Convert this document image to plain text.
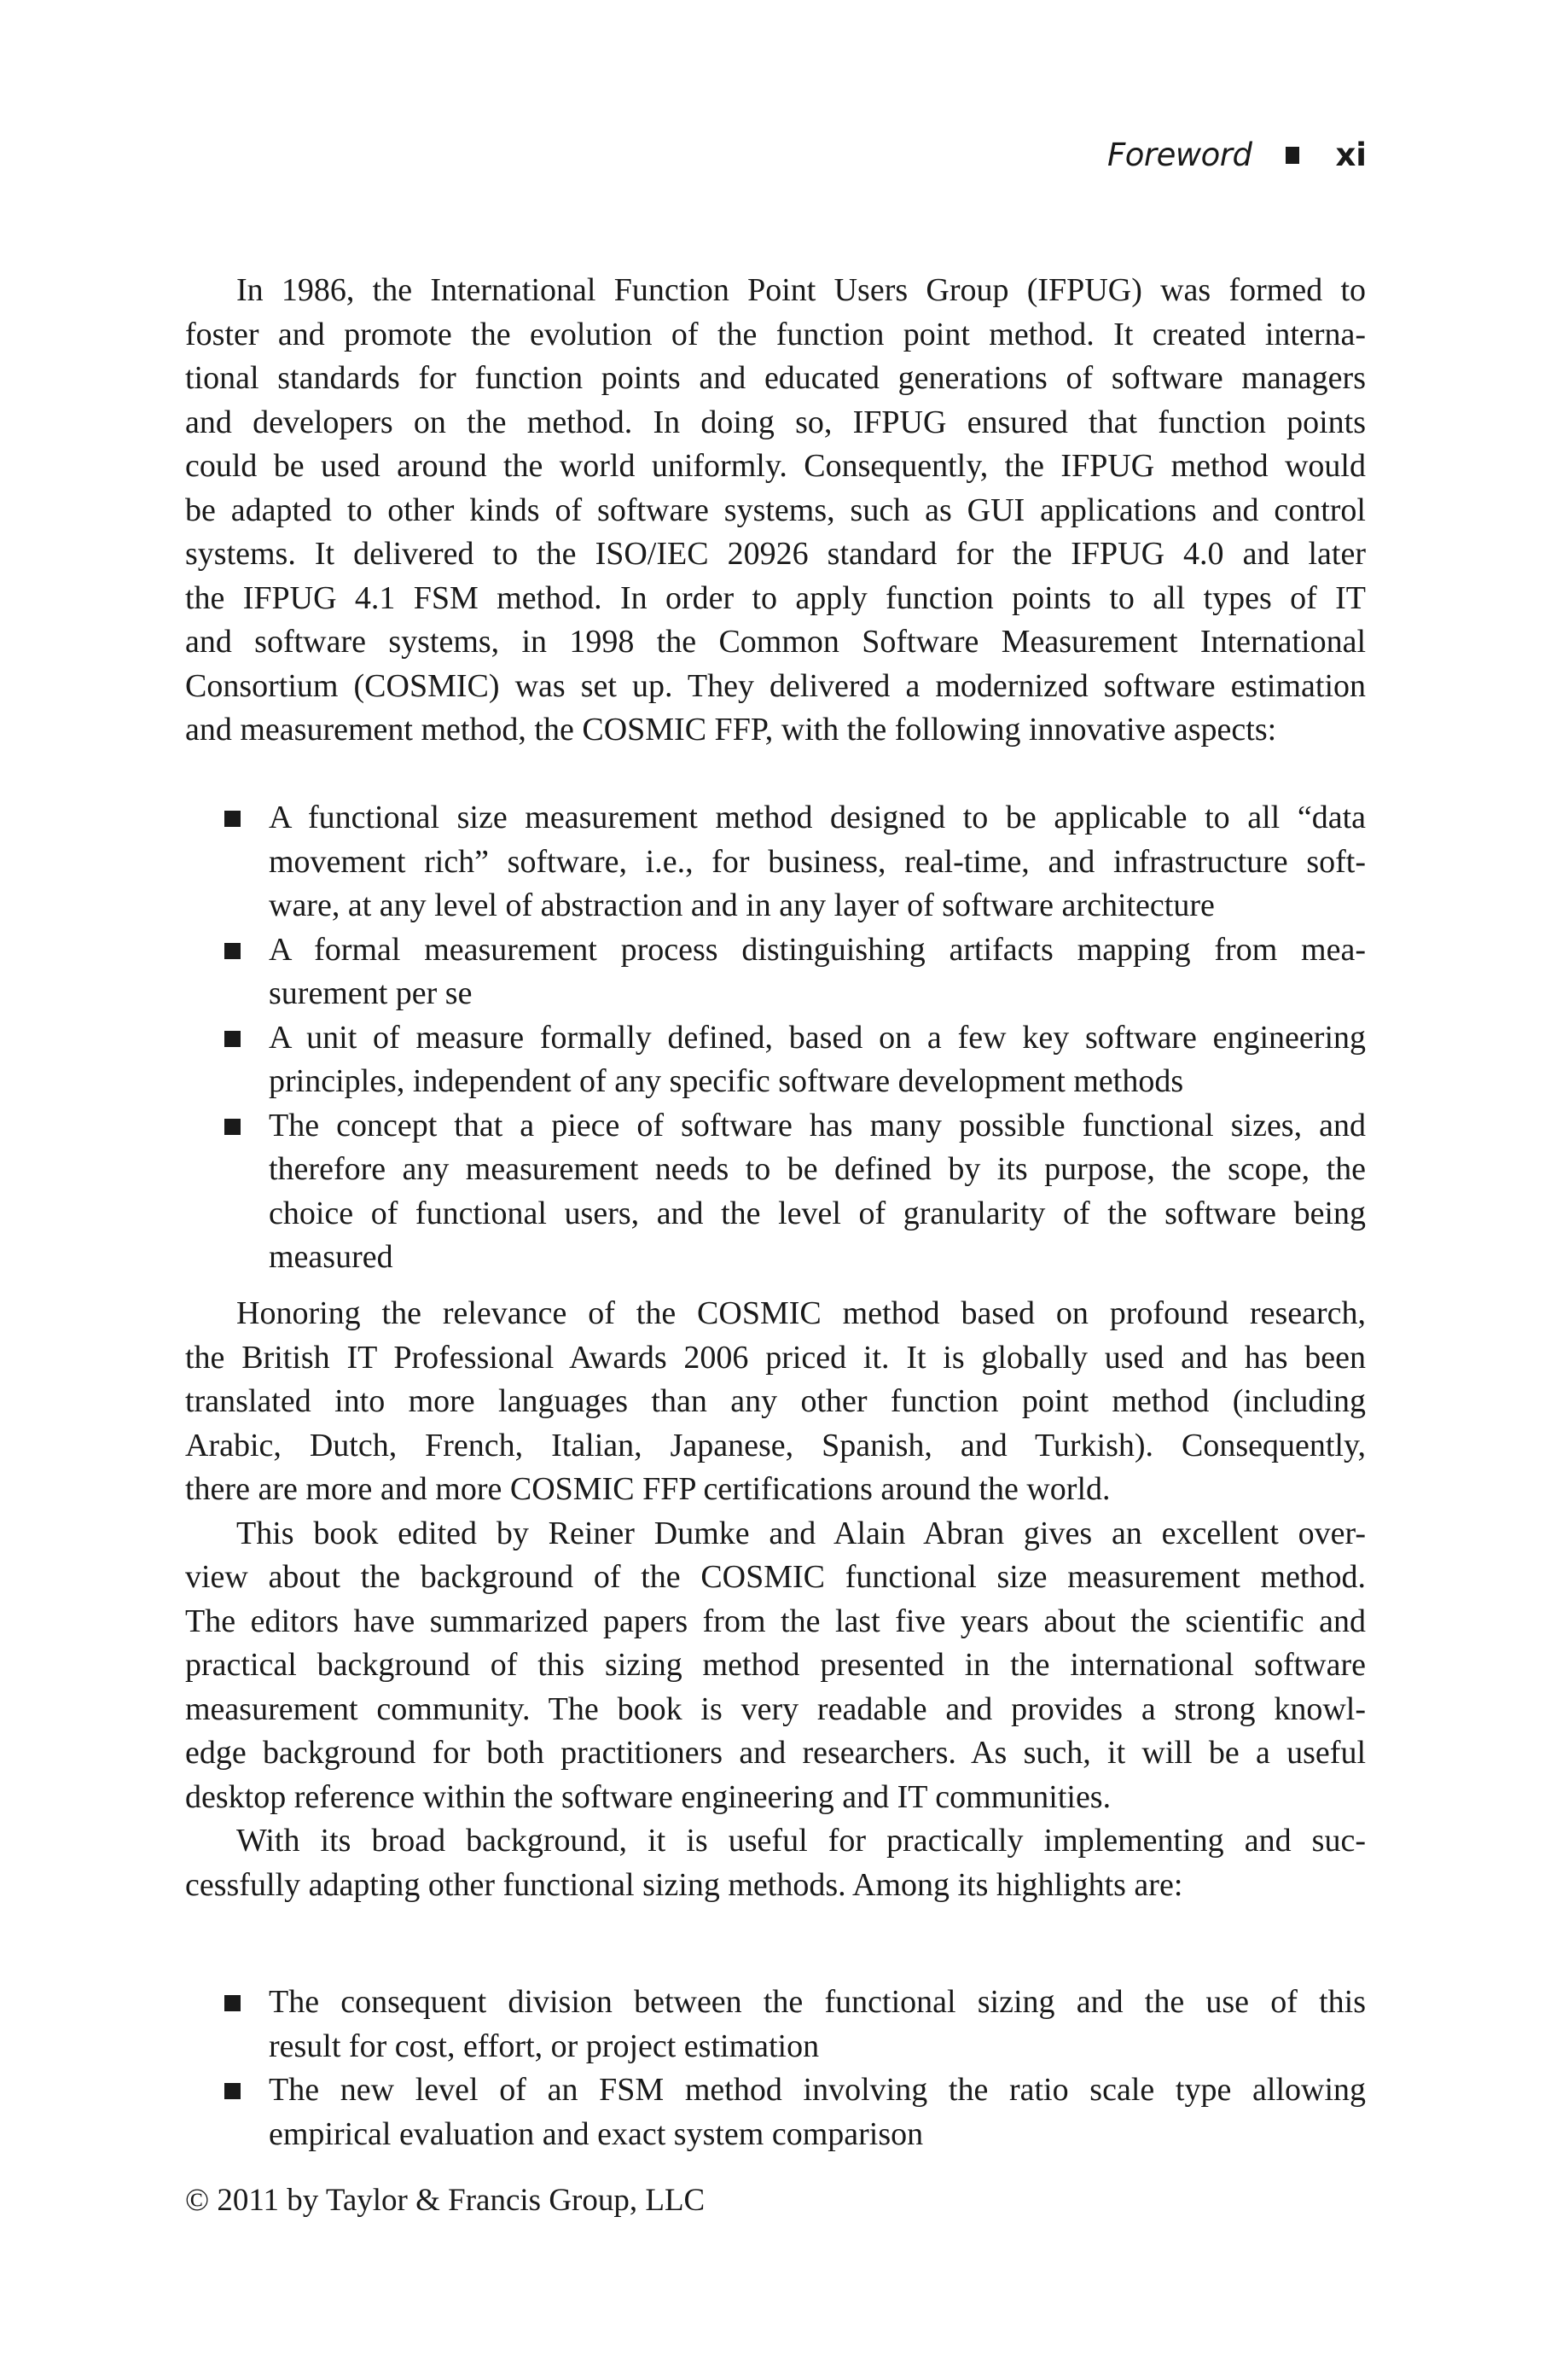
Foreword	xi
In 1986, the International Function Point Users Group (IFPUG) was formed to
foster and promote the evolution of the function point method. It created interna-
tional standards for function points and educated generations of software managers
and developers on the method. In doing so, IFPUG ensured that function points
could be used around the world uniformly. Consequently, the IFPUG method would
be adapted to other kinds of software systems, such as GUI applications and control
systems. It delivered to the ISO/IEC 20926 standard for the IFPUG 4.0 and later
the IFPUG 4.1 FSM method. In order to apply function points to all types of IT
and software systems, in 1998 the Common Software Measurement International
Consortium (COSMIC) was set up. They delivered a modernized software estimation
and measurement method, the COSMIC FFP, with the following innovative aspects:
A functional size measurement method designed to be applicable to all “data
movement rich” software, i.e., for business, real-time, and infrastructure soft-
ware, at any level of abstraction and in any layer of software architecture
A formal measurement process distinguishing artifacts mapping from mea-
surement per se
A unit of measure formally defined, based on a few key software engineering
principles, independent of any specific software development methods
The concept that a piece of software has many possible functional sizes, and
therefore any measurement needs to be defined by its purpose, the scope, the
choice of functional users, and the level of granularity of the software being
measured
Honoring the relevance of the COSMIC method based on profound research,
the British IT Professional Awards 2006 priced it. It is globally used and has been
translated into more languages than any other function point method (including
Arabic, Dutch, French, Italian, Japanese, Spanish, and Turkish). Consequently,
there are more and more COSMIC FFP certifications around the world.
This book edited by Reiner Dumke and Alain Abran gives an excellent over-
view about the background of the COSMIC functional size measurement method.
The editors have summarized papers from the last five years about the scientific and
practical background of this sizing method presented in the international software
measurement community. The book is very readable and provides a strong knowl-
edge background for both practitioners and researchers. As such, it will be a useful
desktop reference within the software engineering and IT communities.
With its broad background, it is useful for practically implementing and suc-
cessfully adapting other functional sizing methods. Among its highlights are:
The consequent division between the functional sizing and the use of this
result for cost, effort, or project estimation
The new level of an FSM method involving the ratio scale type allowing
empirical evaluation and exact system comparison
© 2011 by Taylor & Francis Group, LLC
